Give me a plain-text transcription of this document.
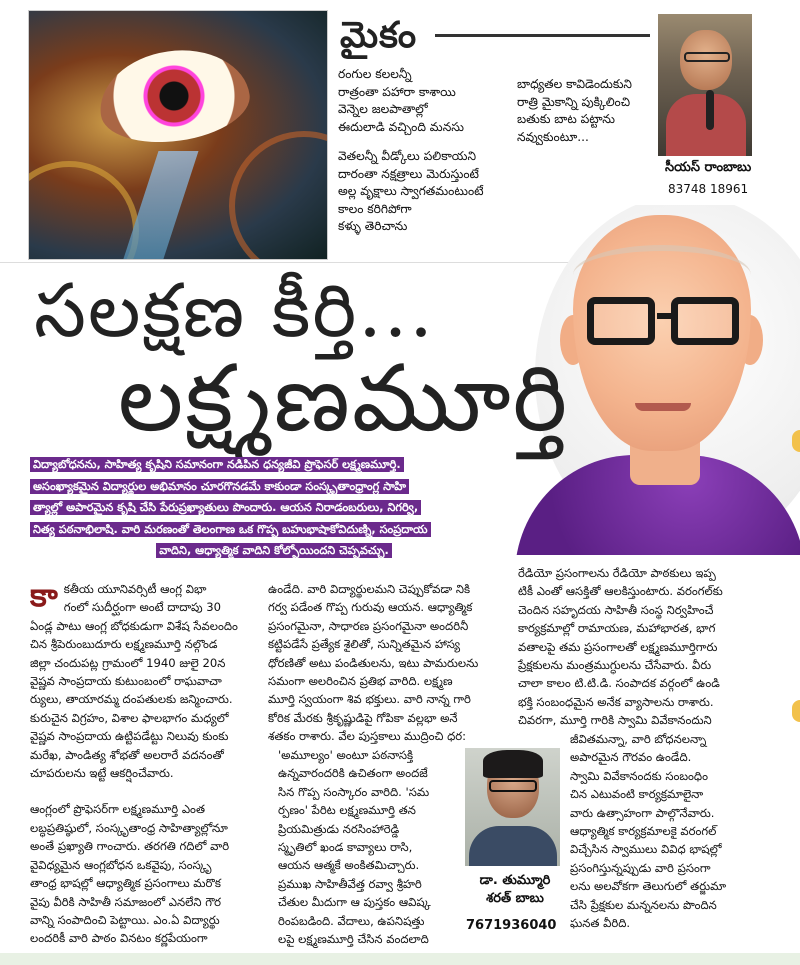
మైకం

రంగుల కలలన్నీ

రాత్రంతా పహారా కాశాయి

వెన్నెల జలపాతాల్లో

ఈదులాడి వచ్చింది మనసు

వెతలన్నీ వీడ్కోలు పలికాయని

దారంతా నక్షత్రాలు మెరుస్తుంటే

అల్ల వృక్షాలు స్వాగతమంటుంటే

కాలం కరిగిపోగా

కళ్ళు తెరిచాను

బాధ్యతల కావిడెందుకుని

రాత్రి మైకాన్ని పుక్కిలించి

బతుకు బాట పట్టాను

నవ్వుకుంటూ...

సీయస్ రాంబాబు
83748 18961
సలక్షణ కీర్తి...
లక్ష్మణమూర్తి
విద్యాబోధనను, సాహిత్య కృషిని సమానంగా నడిపిన ధన్యజీవి ప్రొఫెసర్ లక్ష్మణమూర్తి.
అసంఖ్యాకమైన విద్యార్థుల అభిమానం చూరగొనడమే కాకుండా సంస్కృతాంధ్రాంగ్ల సాహి
త్యాల్లో అపారమైన కృషి చేసి పేరుప్రఖ్యాతులు పొందారు. ఆయన నిరాడంబరులు, నిగర్వి,
నిత్య పఠనాభిలాషి. వారి మరణంతో తెలంగాణ ఒక గొప్ప బహుభాషాకోవిదుణ్ని, సంప్రదాయ
వాదిని, ఆధ్యాత్మిక వాదిని కోల్పోయిందని చెప్పవచ్చు.
కా కతీయ యూనివర్సిటీ ఆంగ్ల విభా

గంలో సుదీర్ఘంగా అంటే దాదాపు 30

ఏండ్ల పాటు ఆంగ్ల బోధకుడుగా విశేష సేవలందిం

చిన శ్రీపెరుంబుదూరు లక్ష్మణమూర్తి నల్గొండ

జిల్లా చందుపట్ల గ్రామంలో 1940 జులై 20న

వైష్ణవ సాంప్రదాయ కుటుంబంలో రాఘవాచా

ర్యులు, తాయారమ్మ దంపతులకు జన్మించారు.

కురుచైన విగ్రహం, విశాల ఫాలభాగం మధ్యలో

వైష్ణవ సాంప్రదాయ ఉట్టిపడేట్టు నిలువు కుంకు

మరేఖ, పాండిత్య శోభతో అలరారే వదనంతో

చూపరులను ఇట్టే ఆకర్షించేవారు.

ఆంగ్లంలో ప్రొఫెసర్‌గా లక్ష్మణమూర్తి ఎంత

లబ్ధప్రతిష్ఠులో, సంస్కృతాంధ్ర సాహిత్యాల్లోనూ

అంతే ప్రఖ్యాతి గాంచారు. తరగతి గదిలో వారి

వైవిధ్యమైన ఆంగ్లబోధన ఒకవైపు, సంస్కృ

తాంధ్ర భాషల్లో ఆధ్యాత్మిక ప్రసంగాలు మరొక

వైపు వీరికి సాహితీ సమాజంలో ఎనలేని గౌర

వాన్ని సంపాదించి పెట్టాయి. ఎం.ఏ విద్యార్థు

లందరికీ వారి పాఠం వినటం కర్ణపేయంగా

ఉండేది. వారి విద్యార్థులమని చెప్పుకోవడా నికి

గర్వ పడేంత గొప్ప గురువు ఆయన. ఆధ్యాత్మిక

ప్రసంగమైనా, సాధారణ ప్రసంగమైనా అందరినీ

కట్టిపడేసే ప్రత్యేక శైలితో, సున్నితమైన హాస్య

ధోరణితో అటు పండితులను, ఇటు పామరులను

సమంగా అలరించిన ప్రతిభ వారిది. లక్ష్మణ

మూర్తి స్వయంగా శివ భక్తులు. వారి నాన్న గారి

కోరిక మేరకు శ్రీకృష్ణుడిపై గోపికా వల్లభా అనే

శతకం రాశారు. వేల పుస్తకాలు ముద్రించి ధర:

'అమూల్యం' అంటూ పఠనాసక్తి

ఉన్నవారందరికి ఉచితంగా అందజే

సిన గొప్ప సంస్కారం వారిది. 'సమ

ర్పణం' పేరిట లక్ష్మణమూర్తి తన

ప్రియమిత్రుడు నరసింహారెడ్డి

స్మృతిలో ఖండ కావ్యాలు రాసి,

ఆయన ఆత్మకే అంకితమిచ్చారు.

ప్రముఖ సాహితీవేత్త రవ్వా శ్రీహరి

చేతుల మీదుగా ఆ పుస్తకం ఆవిష్క

రింపబడింది. వేదాలు, ఉపనిషత్తు

లపై లక్ష్మణమూర్తి చేసిన వందలాది

డా. తుమ్మూరి
శరత్ బాబు
7671936040

రేడియో ప్రసంగాలను రేడియో పాఠకులు ఇప్ప

టికీ ఎంతో ఆసక్తితో ఆలకిస్తుంటారు. వరంగల్‌కు

చెందిన సహృదయ సాహితీ సంస్థ నిర్వహించే

కార్యక్రమాల్లో రామాయణ, మహాభారత, భాగ

వతాలపై తమ ప్రసంగాలతో లక్ష్మణమూర్తిగారు

ప్రేక్షకులను మంత్రముగ్ధులను చేసేవారు. వీరు

చాలా కాలం టి.టి.డి. సంపాదక వర్గంలో ఉండి

భక్తి సంబంధమైన అనేక వ్యాసాలను రాశారు.

చివరగా, మూర్తి గారికి స్వామి వివేకానందుని

జీవితమన్నా, వారి బోధనలన్నా

అపారమైన గౌరవం ఉండేది.

స్వామి వివేకానందకు సంబంధిం

చిన ఎటువంటి కార్యక్రమాలైనా

వారు ఉత్సాహంగా పాల్గొనేవారు.

ఆధ్యాత్మిక కార్యక్రమాలకై వరంగల్

విచ్చేసిన స్వాములు వివిధ భాషల్లో

ప్రసంగిస్తున్నప్పుడు వారి ప్రసంగా

లను అలవోకగా తెలుగులో తర్జుమా

చేసి ప్రేక్షకుల మన్ననలను పొందిన

ఘనత వీరిది.
